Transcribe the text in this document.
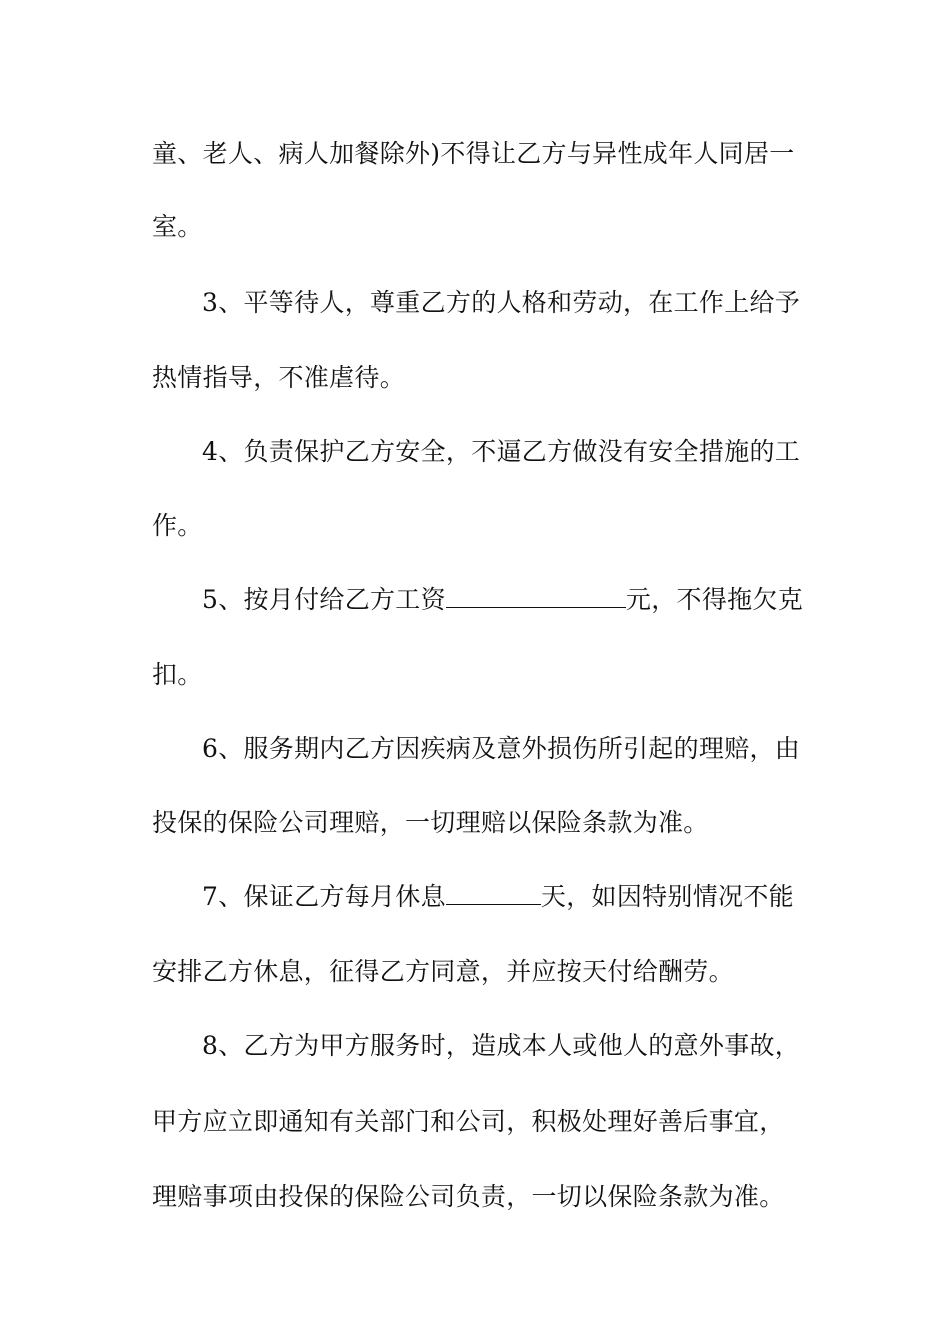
童、老人、病人加餐除外)不得让乙方与异性成年人同居一
室。
3、平等待人，尊重乙方的人格和劳动，在工作上给予
热情指导，不准虐待。
4、负责保护乙方安全，不逼乙方做没有安全措施的工
作。
5、按月付给乙方工资	元，不得拖欠克
扣。
6、服务期内乙方因疾病及意外损伤所引起的理赔，由
投保的保险公司理赔，一切理赔以保险条款为准。
7、保证乙方每月休息	天，如因特别情况不能
安排乙方休息，征得乙方同意，并应按天付给酬劳。
8、乙方为甲方服务时，造成本人或他人的意外事故，
甲方应立即通知有关部门和公司，积极处理好善后事宜，
理赔事项由投保的保险公司负责，一切以保险条款为准。
